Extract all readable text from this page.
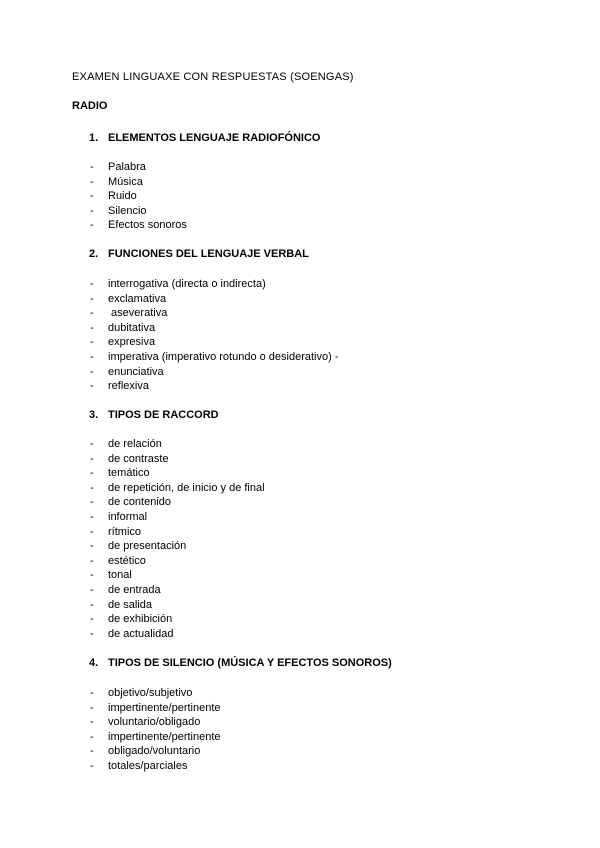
EXAMEN LINGUAXE CON RESPUESTAS (SOENGAS)
RADIO
1. ELEMENTOS LENGUAJE RADIOFÓNICO
- Palabra
- Música
- Ruido
- Silencio
- Efectos sonoros
2. FUNCIONES DEL LENGUAJE VERBAL
- interrogativa (directa o indirecta)
- exclamativa
- aseverativa
- dubitativa
- expresiva
- imperativa (imperativo rotundo o desiderativo) -
- enunciativa
- reflexiva
3. TIPOS DE RACCORD
- de relación
- de contraste
- temático
- de repetición, de inicio y de final
- de contenido
- informal
- rítmico
- de presentación
- estético
- tonal
- de entrada
- de salida
- de exhibición
- de actualidad
4. TIPOS DE SILENCIO (MÚSICA Y EFECTOS SONOROS)
- objetivo/subjetivo
- impertinente/pertinente
- voluntario/obligado
- impertinente/pertinente
- obligado/voluntario
- totales/parciales
